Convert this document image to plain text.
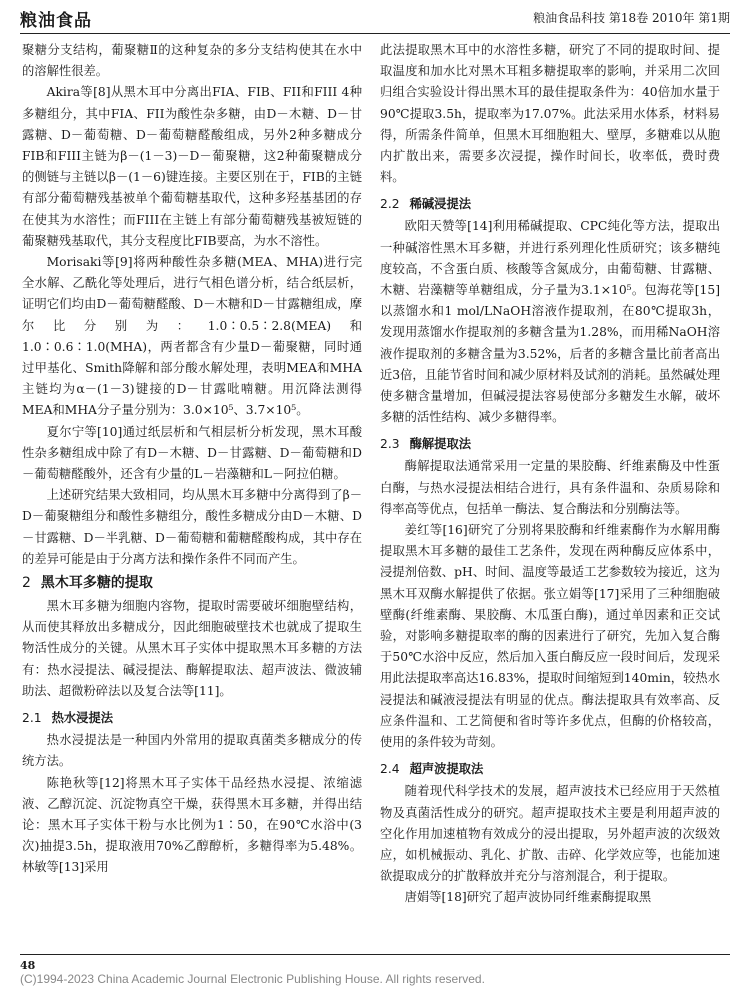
粮油食品	粮油食品科技 第18卷 2010年 第1期

聚糖分支结构，葡聚糖Ⅱ的这种复杂的多分支结构使其在水中的溶解性很差。

Akira等[8]从黑木耳中分离出FIA、FIB、FII和FIII 4种多糖组分，其中FIA、FII为酸性杂多糖，由D－木糖、D－甘露糖、D－葡萄糖、D－葡萄糖醛酸组成，另外2种多糖成分FIB和FIII主链为β－(1－3)－D－葡聚糖，这2种葡聚糖成分的侧链与主链以β－(1－6)键连接。主要区别在于，FIB的主链有部分葡萄糖残基被单个葡萄糖基取代，这种多羟基基团的存在使其为水溶性；而FIII在主链上有部分葡萄糖残基被短链的葡聚糖残基取代，其分支程度比FIB要高，为水不溶性。

Morisaki等[9]将两种酸性杂多糖(MEA、MHA)进行完全水解、乙酰化等处理后，进行气相色谱分析，结合纸层析，证明它们均由D－葡萄糖醛酸、D－木糖和D－甘露糖组成，摩尔比分别为：1.0∶0.5∶2.8(MEA)和1.0∶0.6∶1.0(MHA)，两者都含有少量D－葡聚糖，同时通过甲基化、Smith降解和部分酸水解处理，表明MEA和MHA主链均为α－(1－3)键接的D－甘露吡喃糖。用沉降法测得MEA和MHA分子量分别为：3.0×10⁵、3.7×10⁵。

夏尔宁等[10]通过纸层析和气相层析分析发现，黑木耳酸性杂多糖组成中除了有D－木糖、D－甘露糖、D－葡萄糖和D－葡萄糖醛酸外，还含有少量的L－岩藻糖和L－阿拉伯糖。

上述研究结果大致相同，均从黑木耳多糖中分离得到了β－D－葡聚糖组分和酸性多糖组分，酸性多糖成分由D－木糖、D－甘露糖、D－半乳糖、D－葡萄糖和葡糖醛酸构成，其中存在的差异可能是由于分离方法和操作条件不同而产生。

2 黑木耳多糖的提取

黑木耳多糖为细胞内容物，提取时需要破坏细胞壁结构，从而使其释放出多糖成分，因此细胞破壁技术也就成了提取生物活性成分的关键。从黑木耳子实体中提取黑木耳多糖的方法有：热水浸提法、碱浸提法、酶解提取法、超声波法、微波辅助法、超微粉碎法以及复合法等[11]。

2.1 热水浸提法

热水浸提法是一种国内外常用的提取真菌类多糖成分的传统方法。

陈艳秋等[12]将黑木耳子实体干品经热水浸提、浓缩滤液、乙醇沉淀、沉淀物真空干燥，获得黑木耳多糖，并得出结论：黑木耳子实体干粉与水比例为1∶50，在90℃水浴中(3次)抽提3.5h，提取液用70%乙醇醇析，多糖得率为5.48%。林敏等[13]采用

此法提取黑木耳中的水溶性多糖，研究了不同的提取时间、提取温度和加水比对黑木耳粗多糖提取率的影响，并采用二次回归组合实验设计得出黑木耳的最佳提取条件为：40倍加水量于90℃提取3.5h，提取率为17.07%。此法采用水体系，材料易得，所需条件简单，但黑木耳细胞粗大、壁厚，多糖难以从胞内扩散出来，需要多次浸提，操作时间长，收率低，费时费料。

2.2 稀碱浸提法

欧阳天赞等[14]利用稀碱提取、CPC纯化等方法，提取出一种碱溶性黑木耳多糖，并进行系列理化性质研究；该多糖纯度较高，不含蛋白质、核酸等含氮成分，由葡萄糖、甘露糖、木糖、岩藻糖等单糖组成，分子量为3.1×10⁵。包海花等[15]以蒸馏水和1 mol/LNaOH溶液作提取剂，在80℃提取3h，发现用蒸馏水作提取剂的多糖含量为1.28%，而用稀NaOH溶液作提取剂的多糖含量为3.52%，后者的多糖含量比前者高出近3倍，且能节省时间和减少原材料及试剂的消耗。虽然碱处理使多糖含量增加，但碱浸提法容易使部分多糖发生水解，破坏多糖的活性结构、减少多糖得率。

2.3 酶解提取法

酶解提取法通常采用一定量的果胶酶、纤维素酶及中性蛋白酶，与热水浸提法相结合进行，具有条件温和、杂质易除和得率高等优点，包括单一酶法、复合酶法和分别酶法等。

姜红等[16]研究了分别将果胶酶和纤维素酶作为水解用酶提取黑木耳多糖的最佳工艺条件，发现在两种酶反应体系中，浸提剂倍数、pH、时间、温度等最适工艺参数较为接近，这为黑木耳双酶水解提供了依据。张立娟等[17]采用了三种细胞破壁酶(纤维素酶、果胶酶、木瓜蛋白酶)，通过单因素和正交试验，对影响多糖提取率的酶的因素进行了研究，先加入复合酶于50℃水浴中反应，然后加入蛋白酶反应一段时间后，发现采用此法提取率高达16.83%，提取时间缩短到140min，较热水浸提法和碱液浸提法有明显的优点。酶法提取具有效率高、反应条件温和、工艺简便和省时等许多优点，但酶的价格较高，使用的条件较为苛刻。

2.4 超声波提取法

随着现代科学技术的发展，超声波技术已经应用于天然植物及真菌活性成分的研究。超声提取技术主要是利用超声波的空化作用加速植物有效成分的浸出提取，另外超声波的次级效应，如机械振动、乳化、扩散、击碎、化学效应等，也能加速欲提取成分的扩散释放并充分与溶剂混合，利于提取。

唐娟等[18]研究了超声波协同纤维素酶提取黑

48
(C)1994-2023 China Academic Journal Electronic Publishing House. All rights reserved.
